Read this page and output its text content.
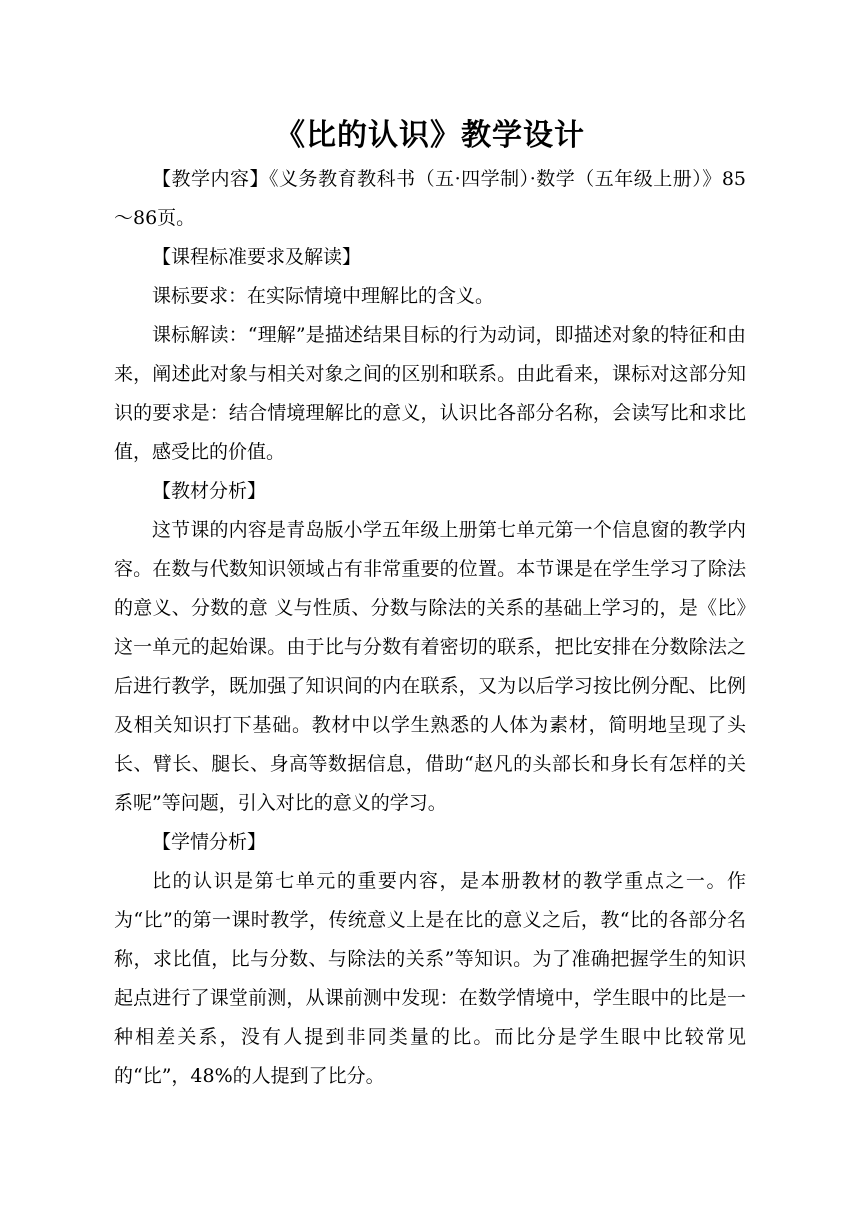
《比的认识》教学设计

【教学内容】《义务教育教科书（五·四学制）·数学（五年级上册）》85～86页。

【课程标准要求及解读】

课标要求：在实际情境中理解比的含义。

课标解读：“理解”是描述结果目标的行为动词，即描述对象的特征和由来，阐述此对象与相关对象之间的区别和联系。由此看来，课标对这部分知识的要求是：结合情境理解比的意义，认识比各部分名称，会读写比和求比值，感受比的价值。

【教材分析】

这节课的内容是青岛版小学五年级上册第七单元第一个信息窗的教学内容。在数与代数知识领域占有非常重要的位置。本节课是在学生学习了除法的意义、分数的意 义与性质、分数与除法的关系的基础上学习的，是《比》这一单元的起始课。由于比与分数有着密切的联系，把比安排在分数除法之后进行教学，既加强了知识间的内在联系，又为以后学习按比例分配、比例及相关知识打下基础。教材中以学生熟悉的人体为素材，简明地呈现了头长、臂长、腿长、身高等数据信息，借助“赵凡的头部长和身长有怎样的关系呢”等问题，引入对比的意义的学习。

【学情分析】

比的认识是第七单元的重要内容，是本册教材的教学重点之一。作为“比”的第一课时教学，传统意义上是在比的意义之后，教“比的各部分名称，求比值，比与分数、与除法的关系”等知识。为了准确把握学生的知识起点进行了课堂前测，从课前测中发现：在数学情境中，学生眼中的比是一种相差关系，没有人提到非同类量的比。而比分是学生眼中比较常见的“比”，48%的人提到了比分。
